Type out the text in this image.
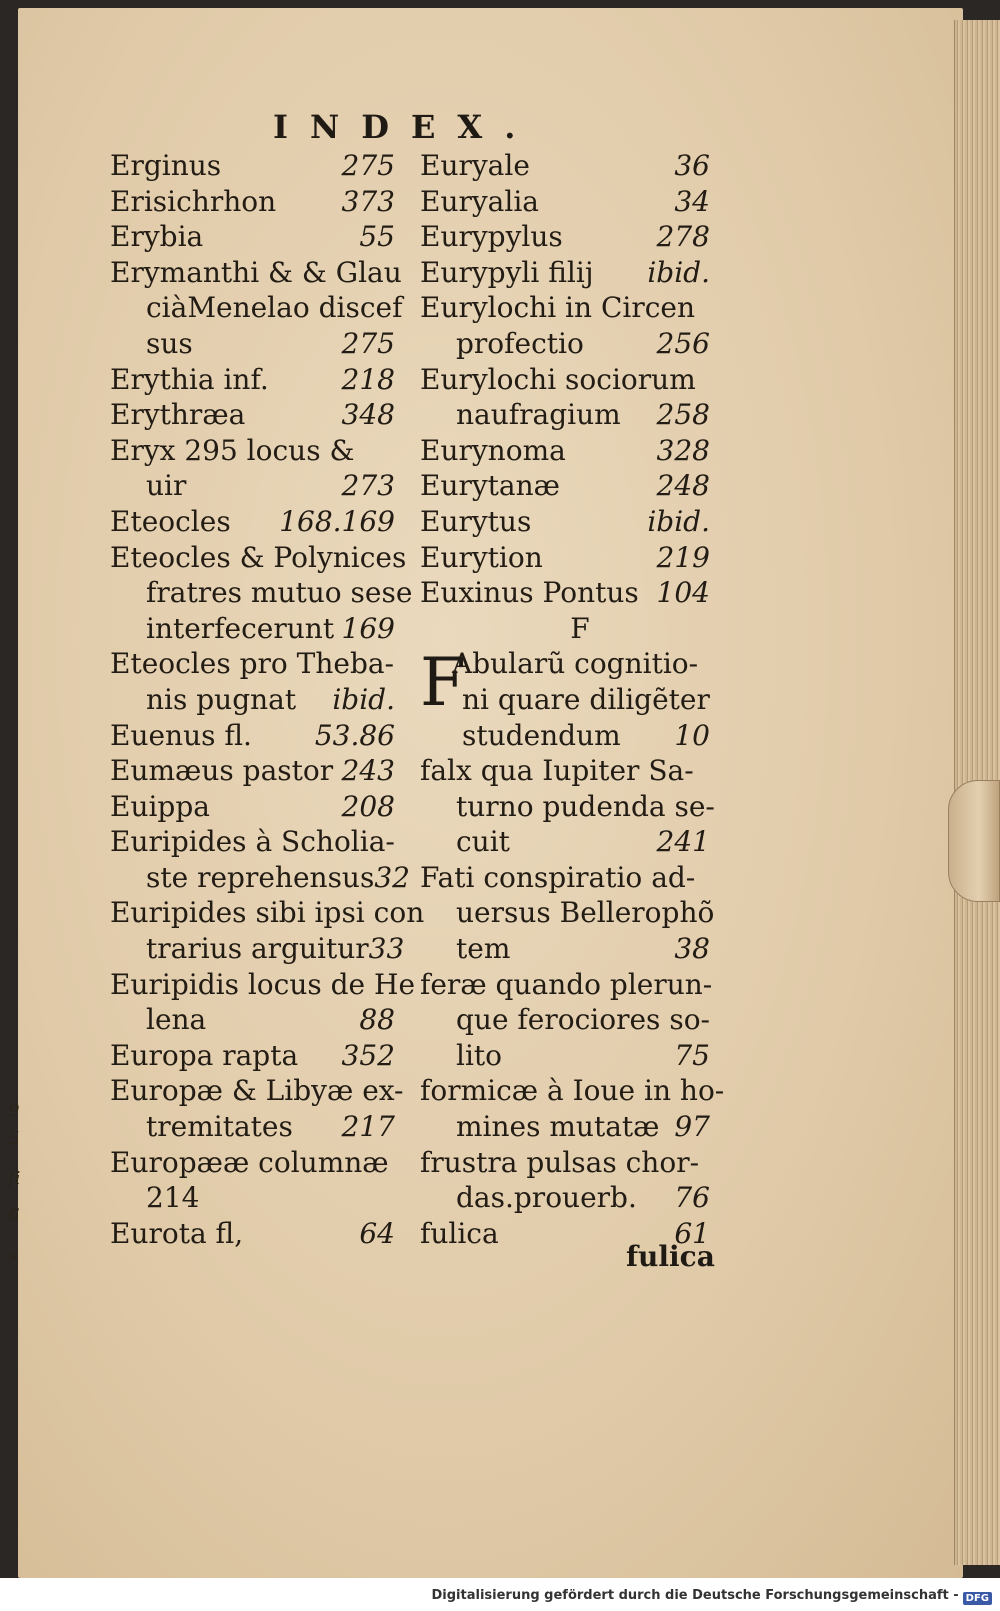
INDEX.
Erginus	275
Erisichrhon 373
Erybia	55
Erymanthi & & Glau
ciàMenelao discef
sus	275
Erythia inf.	218
Erythræa	348
Eryx 295 locus &
uir	273
Eteocles 168.169
Eteocles & Polynices
fratres mutuo sese
interfecerunt 169
Eteocles pro Theba-
nis pugnat ibid.
Euenus fl. 53.86
Eumæus pastor 243
Euippa	208
Euripides à Scholia-
ste reprehensus 32
Euripides sibi ipsi con
trarius arguitur 33
Euripidis locus de He
lena	88
Europa rapta 352
Europæ & Libyæ ex-
tremitates 217
Europææ columnæ
214
Eurota fl,	64
Euryale	36
Euryalia	34
Eurypylus	278
Eurypyli filij ibid.
Eurylochi in Circen
profectio	256
Eurylochi sociorum
naufragium 258
Eurynoma	328
Eurytanæ	248
Eurytus	ibid.
Eurytion	219
Euxinus Pontus 104
F
F
Abularũ cognitio-
ni quare diligẽter
studendum 10
falx qua Iupiter Sa-
turno pudenda se-
cuit	241
Fati conspiratio ad-
uersus Bellerophõ
tem	38
feræ quando plerun-
que ferociores so-
lito	75
formicæ à Ioue in ho-
mines mutatæ 97
frustra pulsas chor-
das.prouerb. 76
fulica	61
fulica
9
5
ſi
6
s
Digitalisierung gefördert durch die Deutsche Forschungsgemeinschaft - DFG
